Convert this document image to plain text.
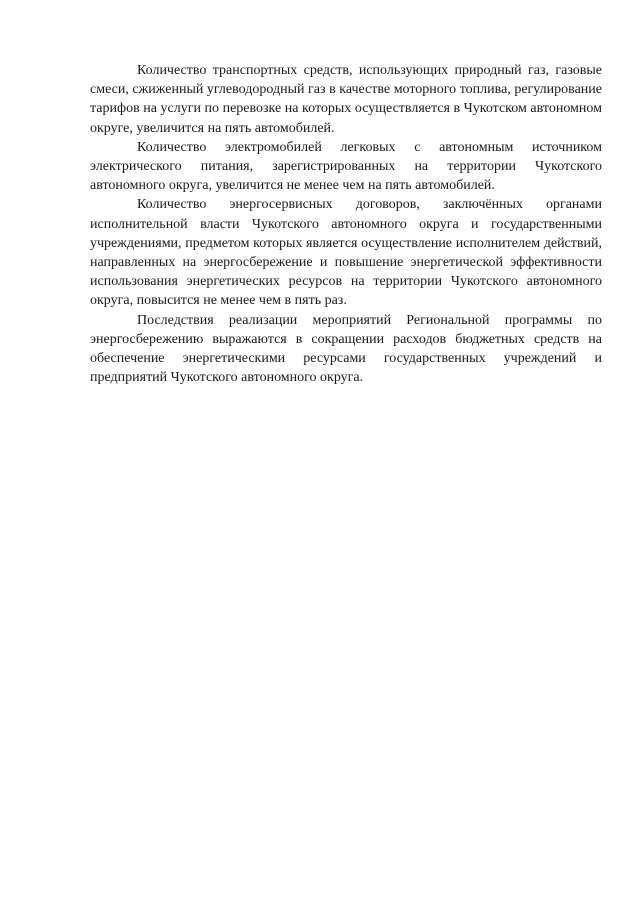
Количество транспортных средств, использующих природный газ, газовые смеси, сжиженный углеводородный газ в качестве моторного топлива, регулирование тарифов на услуги по перевозке на которых осуществляется в Чукотском автономном округе, увеличится на пять автомобилей.

Количество электромобилей легковых с автономным источником электрического питания, зарегистрированных на территории Чукотского автономного округа, увеличится не менее чем на пять автомобилей.

Количество энергосервисных договоров, заключённых органами исполнительной власти Чукотского автономного округа и государственными учреждениями, предметом которых является осуществление исполнителем действий, направленных на энергосбережение и повышение энергетической эффективности использования энергетических ресурсов на территории Чукотского автономного округа, повысится не менее чем в пять раз.

Последствия реализации мероприятий Региональной программы по энергосбережению выражаются в сокращении расходов бюджетных средств на обеспечение энергетическими ресурсами государственных учреждений и предприятий Чукотского автономного округа.
